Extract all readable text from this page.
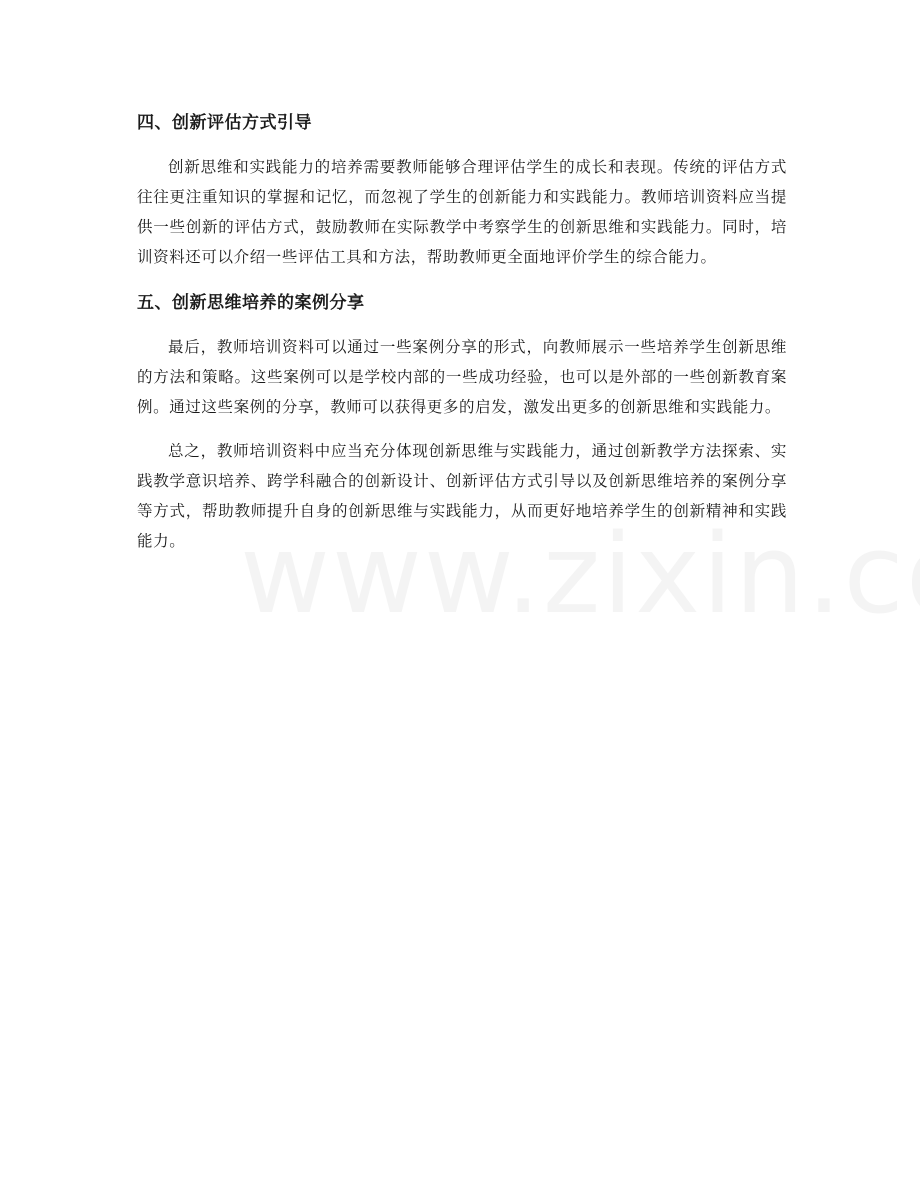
四、创新评估方式引导

创新思维和实践能力的培养需要教师能够合理评估学生的成长和表现。传统的评估方式往往更注重知识的掌握和记忆，而忽视了学生的创新能力和实践能力。教师培训资料应当提供一些创新的评估方式，鼓励教师在实际教学中考察学生的创新思维和实践能力。同时，培训资料还可以介绍一些评估工具和方法，帮助教师更全面地评价学生的综合能力。

五、创新思维培养的案例分享

最后，教师培训资料可以通过一些案例分享的形式，向教师展示一些培养学生创新思维的方法和策略。这些案例可以是学校内部的一些成功经验，也可以是外部的一些创新教育案例。通过这些案例的分享，教师可以获得更多的启发，激发出更多的创新思维和实践能力。

总之，教师培训资料中应当充分体现创新思维与实践能力，通过创新教学方法探索、实践教学意识培养、跨学科融合的创新设计、创新评估方式引导以及创新思维培养的案例分享等方式，帮助教师提升自身的创新思维与实践能力，从而更好地培养学生的创新精神和实践能力。
